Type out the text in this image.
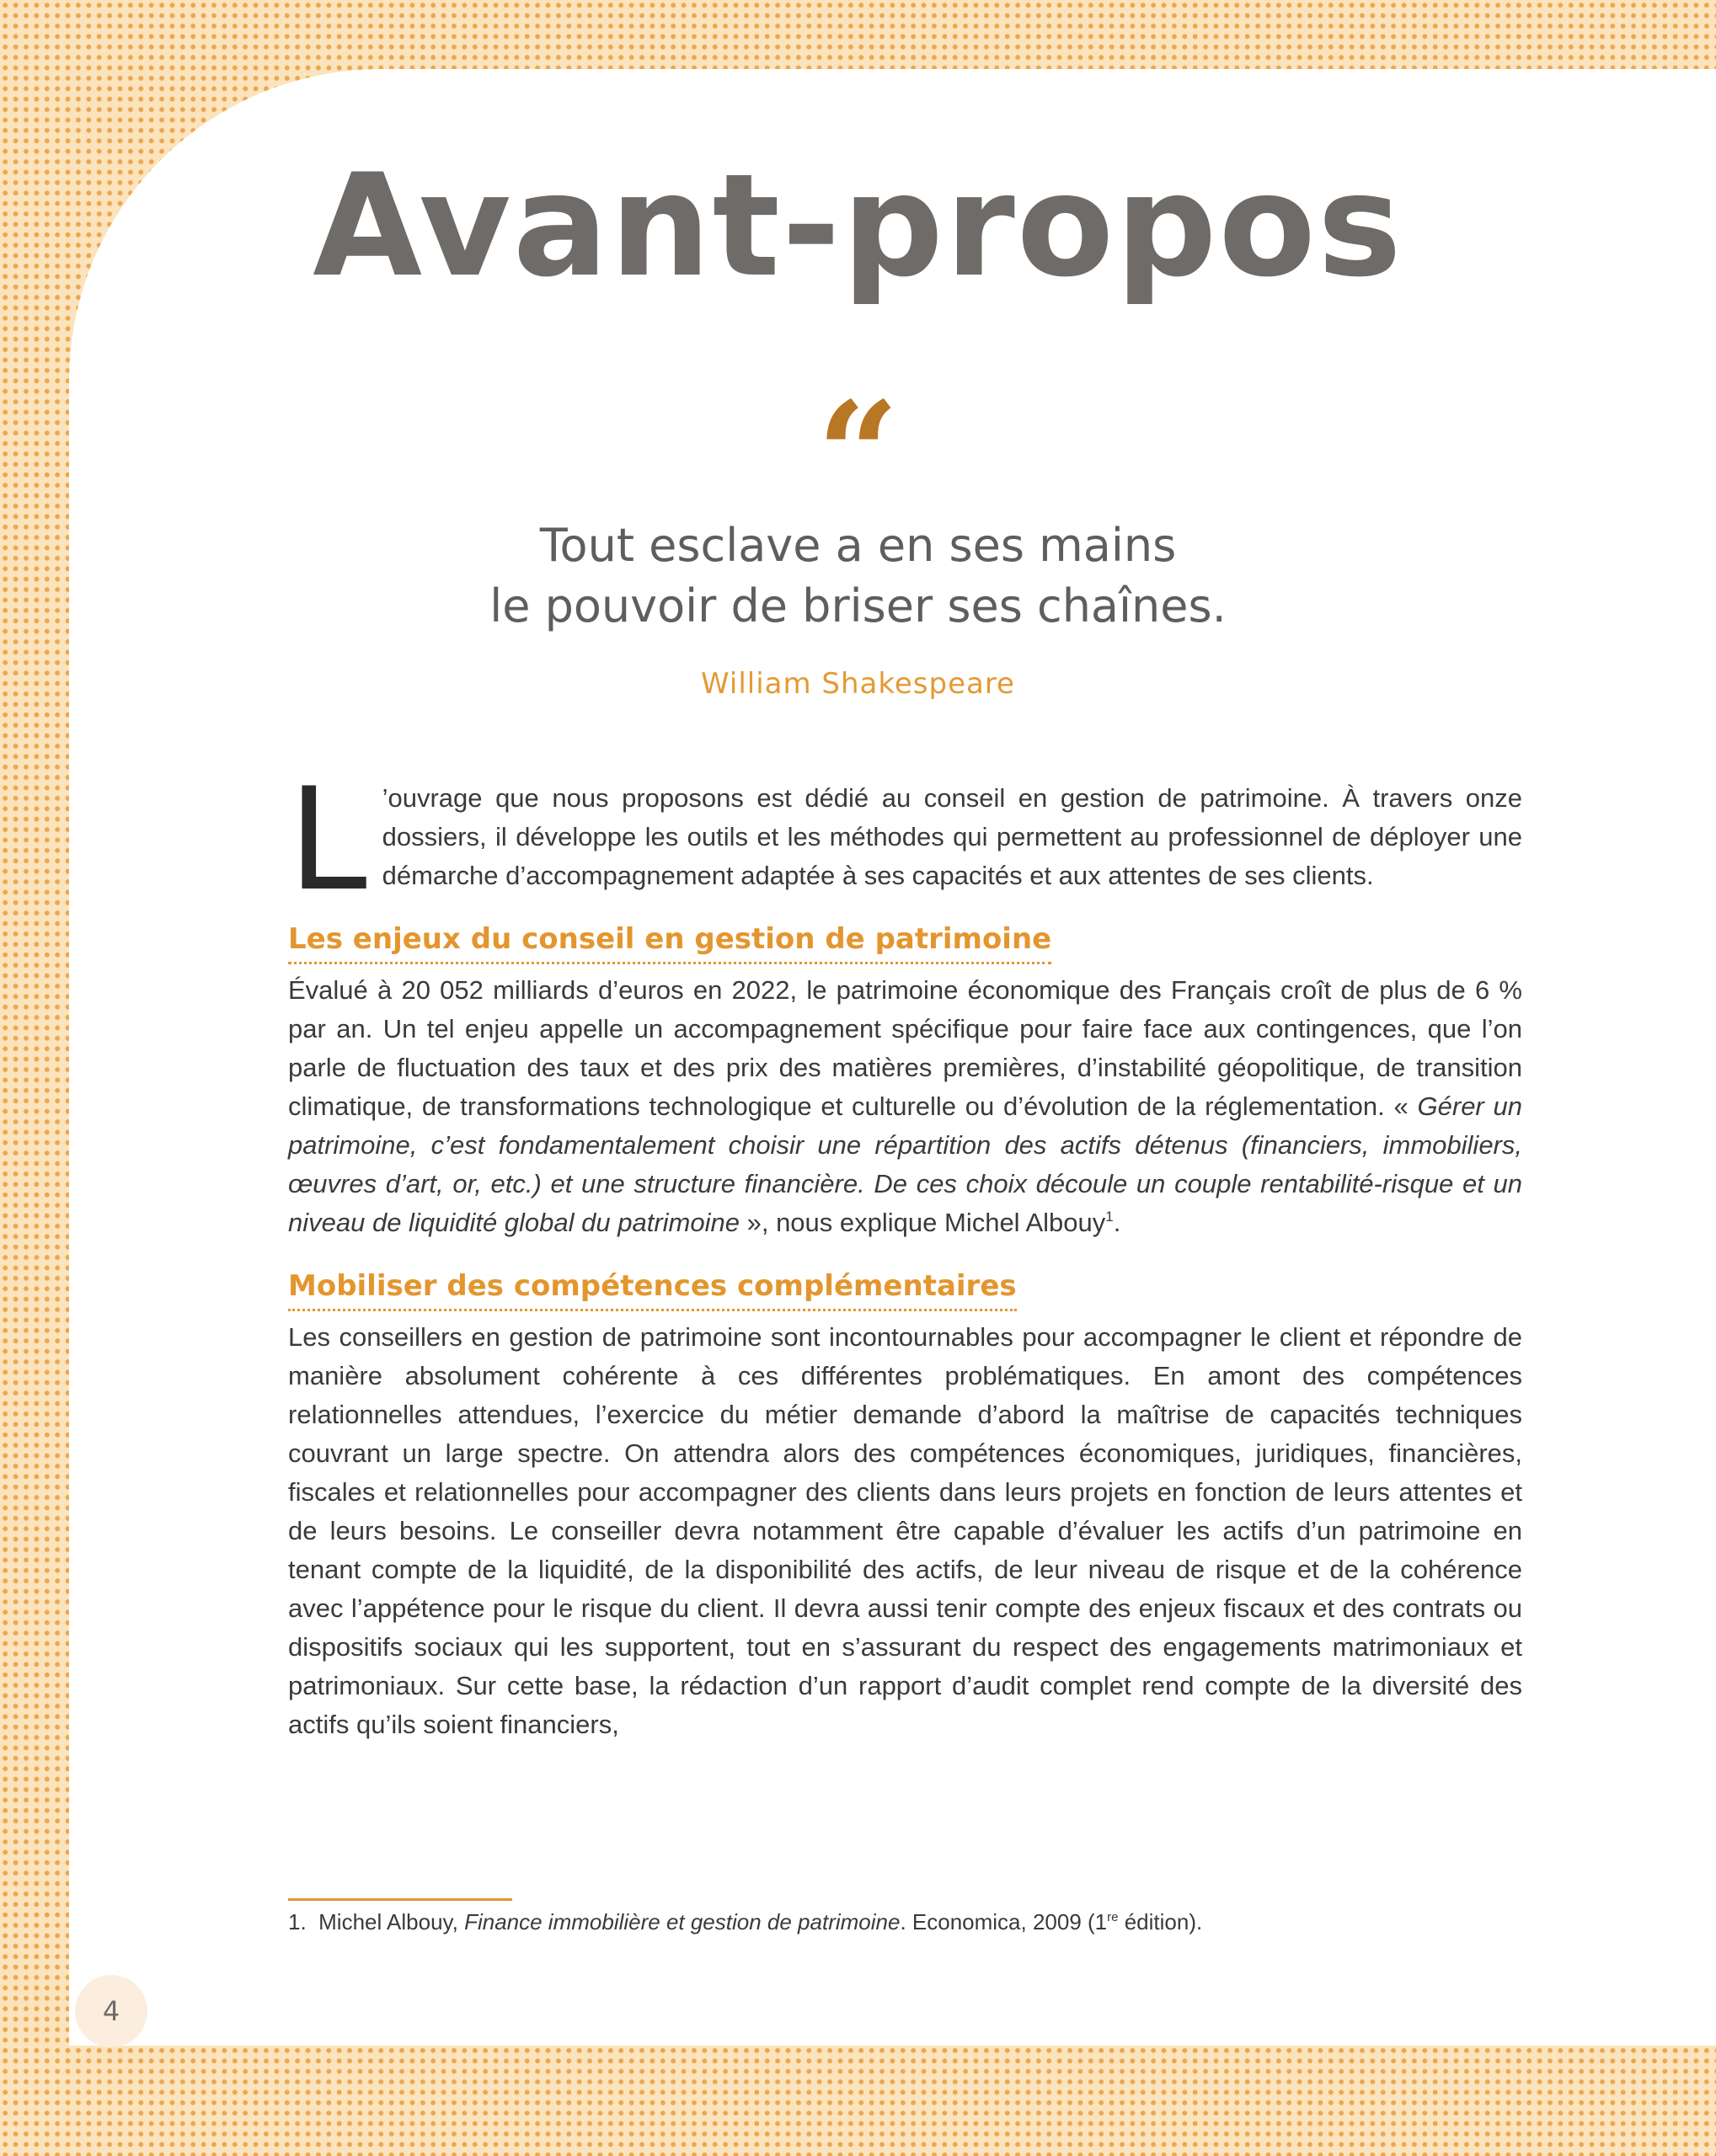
Avant-propos
“
Tout esclave a en ses mains
le pouvoir de briser ses chaînes.
William Shakespeare

L ’ouvrage que nous proposons est dédié au conseil en gestion de patrimoine. À travers onze dossiers, il développe les outils et les méthodes qui permettent au professionnel de déployer une démarche d’accompagnement adaptée à ses capacités et aux attentes de ses clients.

Les enjeux du conseil en gestion de patrimoine

Évalué à 20 052 milliards d’euros en 2022, le patrimoine économique des Français croît de plus de 6 % par an. Un tel enjeu appelle un accompagnement spécifique pour faire face aux contingences, que l’on parle de fluctuation des taux et des prix des matières premières, d’instabilité géopolitique, de transition climatique, de transformations technologique et culturelle ou d’évolution de la réglementation. « Gérer un patrimoine, c’est fondamentalement choisir une répartition des actifs détenus (financiers, immobiliers, œuvres d’art, or, etc.) et une structure financière. De ces choix découle un couple rentabilité-risque et un niveau de liquidité global du patrimoine », nous explique Michel Albouy$^1$.

Mobiliser des compétences complémentaires

Les conseillers en gestion de patrimoine sont incontournables pour accompagner le client et répondre de manière absolument cohérente à ces différentes problématiques. En amont des compétences relationnelles attendues, l’exercice du métier demande d’abord la maîtrise de capacités techniques couvrant un large spectre. On attendra alors des compétences économiques, juridiques, financières, fiscales et relationnelles pour accompagner des clients dans leurs projets en fonction de leurs attentes et de leurs besoins. Le conseiller devra notamment être capable d’évaluer les actifs d’un patrimoine en tenant compte de la liquidité, de la disponibilité des actifs, de leur niveau de risque et de la cohérence avec l’appétence pour le risque du client. Il devra aussi tenir compte des enjeux fiscaux et des contrats ou dispositifs sociaux qui les supportent, tout en s’assurant du respect des engagements matrimoniaux et patrimoniaux. Sur cette base, la rédaction d’un rapport d’audit complet rend compte de la diversité des actifs qu’ils soient financiers,

1. Michel Albouy, Finance immobilière et gestion de patrimoine. Economica, 2009 (1re édition).
4
